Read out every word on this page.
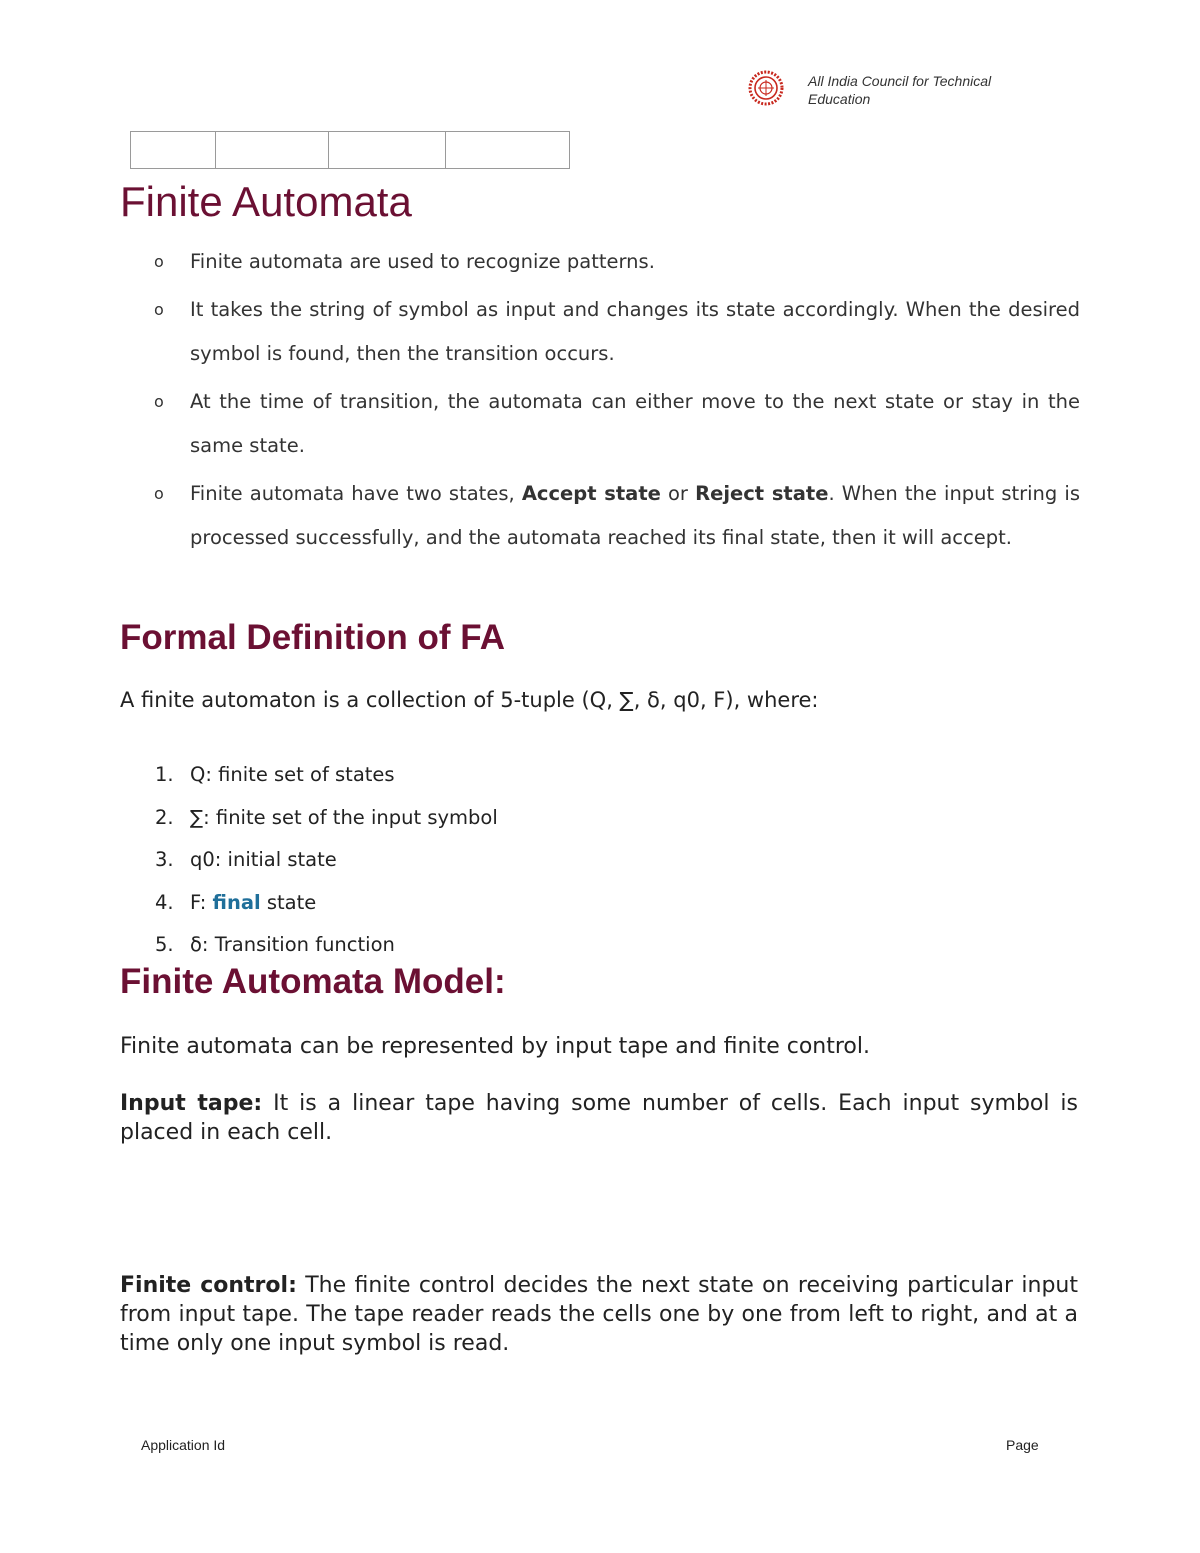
All India Council for Technical
Education
Finite Automata
o Finite automata are used to recognize patterns.
o It takes the string of symbol as input and changes its state accordingly. When the desired symbol is found, then the transition occurs.
o At the time of transition, the automata can either move to the next state or stay in the same state.
o Finite automata have two states, Accept state or Reject state. When the input string is processed successfully, and the automata reached its final state, then it will accept.
Formal Definition of FA

A finite automaton is a collection of 5-tuple (Q, ∑, δ, q0, F), where:

1. Q: finite set of states
2. ∑: finite set of the input symbol
3. q0: initial state
4. F: final state
5. δ: Transition function
Finite Automata Model:

Finite automata can be represented by input tape and finite control.

Input tape: It is a linear tape having some number of cells. Each input symbol is placed in each cell.

Finite control: The finite control decides the next state on receiving particular input from input tape. The tape reader reads the cells one by one from left to right, and at a time only one input symbol is read.

Application Id	Page
